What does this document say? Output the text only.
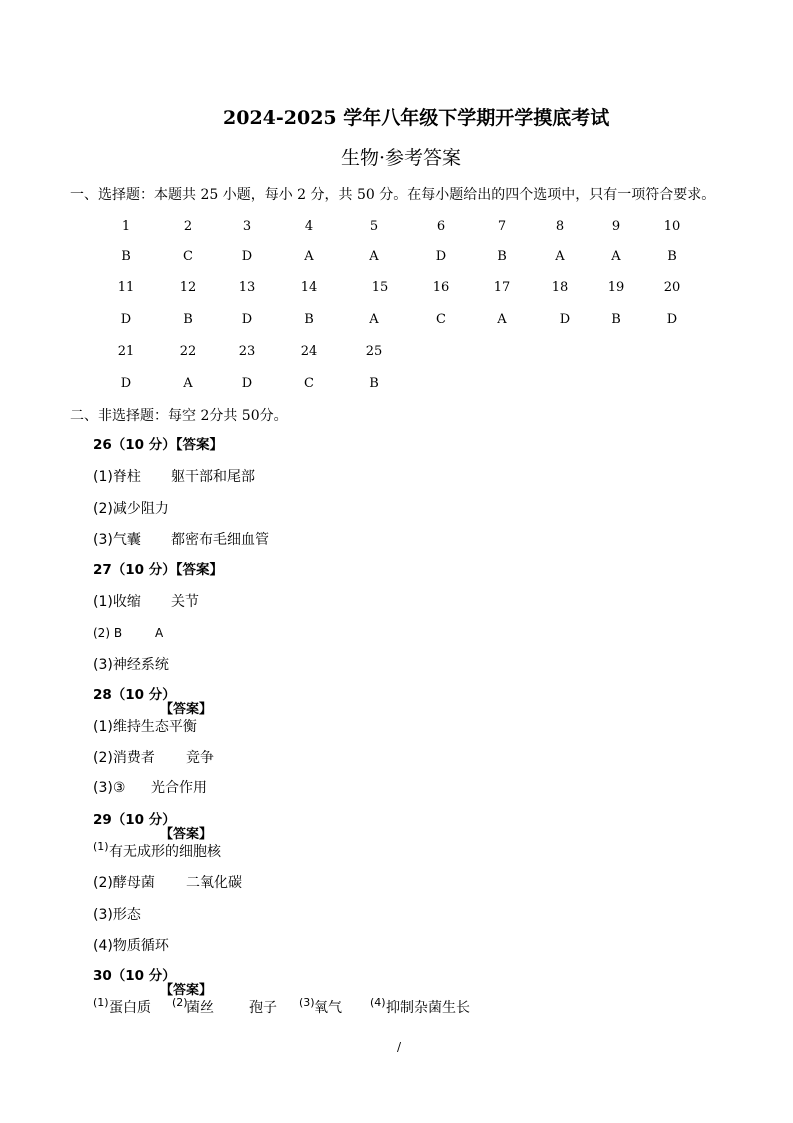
2024-2025 学年八年级下学期开学摸底考试
生物·参考答案
一、选择题：本题共 25 小题，每小 2 分，共 50 分。在每小题给出的四个选项中，只有一项符合要求。
1	2	3	4	5	6	7	8	9	10
B	C	D	A	A	D	B	A	A	B
11	12	13	14	15	16	17	18	19	20
D	B	D	B	A	C	A	D	B	D
21	22	23	24	25
D	A	D	C	B
二、非选择题：每空 2分共 50分。
26（10 分）【答案】
(1)脊柱 躯干部和尾部
(2)减少阻力
(3)气囊 都密布毛细血管
27（10 分）【答案】
(1)收缩 关节
(2) B	A
(3)神经系统
28（10 分）
【答案】
(1)维持生态平衡
(2)消费者 竞争
(3)③ 光合作用
29（10 分）
【答案】
(1) 有无成形的细胞核
(2)酵母菌 二氧化碳
(3)形态
(4)物质循环
30（10 分）
【答案】
(1) 蛋白质 (2)
菌丝	孢子 (3) 氧气	(4) 抑制杂菌生长
/
